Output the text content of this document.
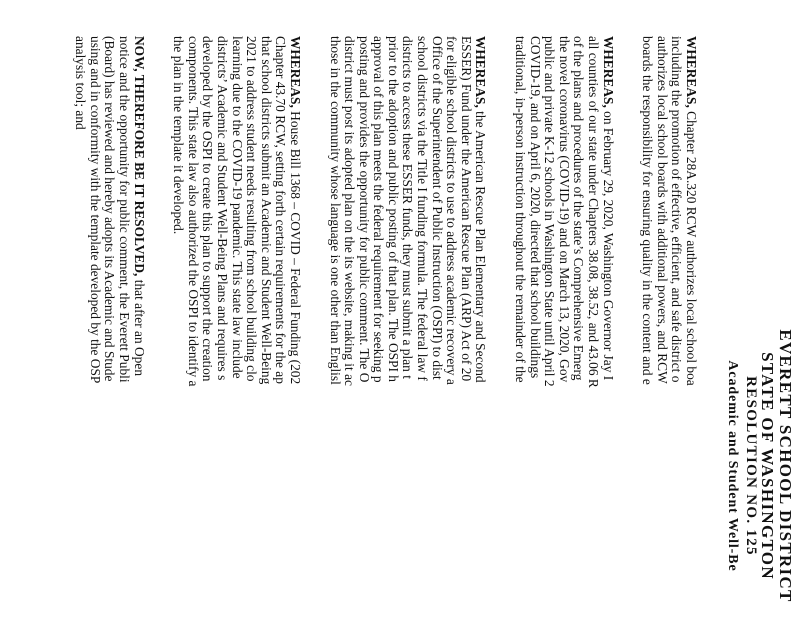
EVERETT SCHOOL DISTRICT
STATE OF WASHINGTON
RESOLUTION NO. 125
Academic and Student Well-Be
WHEREAS, Chapter 28A.320 RCW authorizes local school boa
including the promotion of effective, efficient, and safe district o
authorizes local school boards with additional powers, and RCW
boards the responsibility for ensuring quality in the content and e
WHEREAS, on February 29, 2020, Washington Governor Jay I
all counties of our state under Chapters 38.08, 38.52, and 43.06 R
of the plans and procedures of the state’s Comprehensive Emerg
the novel coronavirus (COVID-19) and on March 13, 2020, Gov
public and private K-12 schools in Washington State until April 2
COVID-19, and on April 6, 2020, directed that school buildings
traditional, in-person instruction throughout the remainder of the
WHEREAS, the American Rescue Plan Elementary and Second
ESSER) Fund under the American Rescue Plan (ARP) Act of 20
for eligible school districts to use to address academic recovery a
Office of the Superintendent of Public Instruction (OSPI) to dist
school districts via the Title I funding formula. The federal law f
districts to access these ESSER funds, they must submit a plan t
prior to the adoption and public posting of that plan. The OSPI h
approval of this plan meets the federal requirement for seeking p
posting and provides the opportunity for public comment. The O
district must post its adopted plan on the its website, making it ac
those in the community whose language is one other than Englisl
WHEREAS, House Bill 1368 – COVID – Federal Funding (202
Chapter 43.70 RCW, setting forth certain requirements for the ap
that school districts submit an Academic and Student Well-Being
2021 to address student needs resulting from school building clo
learning due to the COVID-19 pandemic. This state law include
districts’ Academic and Student Well-Being Plans and requires s
developed by the OSPI to create this plan to support the creation
components. This state law also authorized the OSPI to identify a
the plan in the template it developed.
NOW, THEREFORE BE IT RESOLVED, that after an Open
notice and the opportunity for public comment, the Everett Publi
(Board) has reviewed and hereby adopts its Academic and Stude
using and in conformity with the template developed by the OSP
analysis tool; and
